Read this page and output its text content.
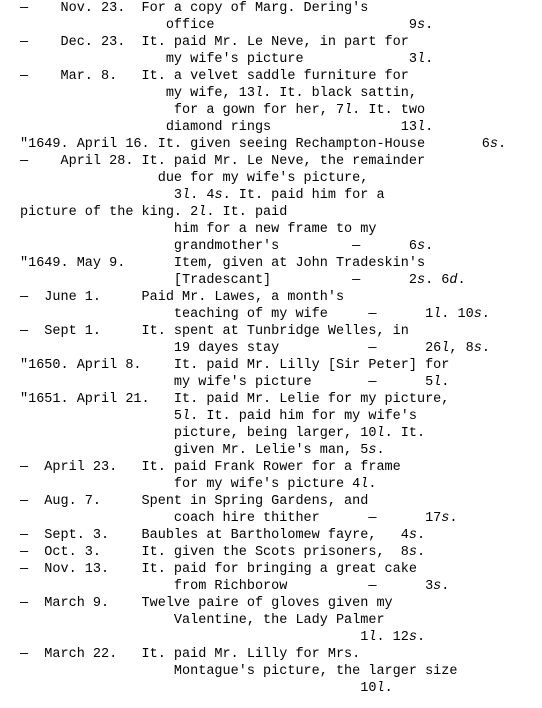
—    Nov. 23.  For a copy of Marg. Dering's
office                        9s.
—    Dec. 23.  It. paid Mr. Le Neve, in part for
my wife's picture             3l.
—    Mar. 8.   It. a velvet saddle furniture for
my wife, 13l. It. black sattin,
for a gown for her, 7l. It. two
diamond rings                13l.
"1649. April 16. It. given seeing Rechampton-House       6s.
—    April 28. It. paid Mr. Le Neve, the remainder
due for my wife's picture,
3l. 4s. It. paid him for a
picture of the king. 2l. It. paid
him for a new frame to my
grandmother's         —      6s.
"1649. May 9.      Item, given at John Tradeskin's
[Tradescant]          —      2s. 6d.
—  June 1.     Paid Mr. Lawes, a month's
teaching of my wife     —      1l. 10s.
—  Sept 1.     It. spent at Tunbridge Welles, in
19 dayes stay           —      26l, 8s.
"1650. April 8.    It. paid Mr. Lilly [Sir Peter] for
my wife's picture       —      5l.
"1651. April 21.   It. paid Mr. Lelie for my picture,
5l. It. paid him for my wife's
picture, being larger, 10l. It.
given Mr. Lelie's man, 5s.
—  April 23.   It. paid Frank Rower for a frame
for my wife's picture 4l.
—  Aug. 7.     Spent in Spring Gardens, and
coach hire thither      —      17s.
—  Sept. 3.    Baubles at Bartholomew fayre,   4s.
—  Oct. 3.     It. given the Scots prisoners,  8s.
—  Nov. 13.    It. paid for bringing a great cake
from Richborow          —      3s.
—  March 9.    Twelve paire of gloves given my
Valentine, the Lady Palmer
1l. 12s.
—  March 22.   It. paid Mr. Lilly for Mrs.
Montague's picture, the larger size
10l.
